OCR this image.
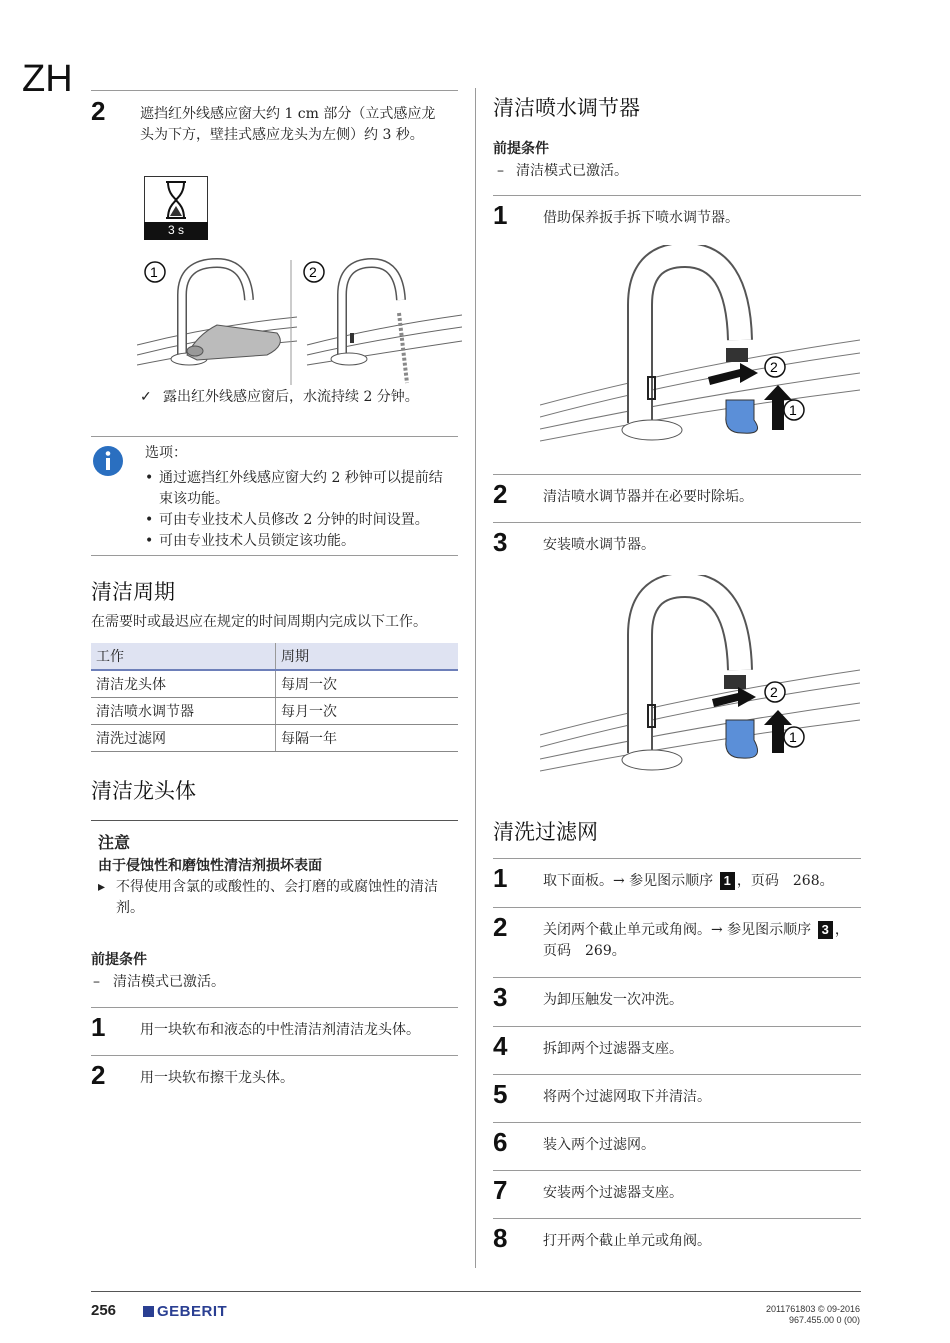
ZH
2 遮挡红外线感应窗大约 1 cm 部分（立式感应龙头为下方，壁挂式感应龙头为左侧）约 3 秒。
3 s
1	2
✓ 露出红外线感应窗后，水流持续 2 分钟。
选项：
• 通过遮挡红外线感应窗大约 2 秒钟可以提前结束该功能。
• 可由专业技术人员修改 2 分钟的时间设置。
• 可由专业技术人员锁定该功能。
清洁周期
在需要时或最迟应在规定的时间周期内完成以下工作。
工作	周期
清洁龙头体	每周一次
清洁喷水调节器	每月一次
清洗过滤网	每隔一年
清洁龙头体
注意
由于侵蚀性和磨蚀性清洁剂损坏表面
▸ 不得使用含氯的或酸性的、会打磨的或腐蚀性的清洁剂。
前提条件
– 清洁模式已激活。
1 用一块软布和液态的中性清洁剂清洁龙头体。
2 用一块软布擦干龙头体。
清洁喷水调节器
前提条件
– 清洁模式已激活。
1	借助保养扳手拆下喷水调节器。
2
1
2	清洁喷水调节器并在必要时除垢。
3	安装喷水调节器。
2
1
清洗过滤网
1	取下面板。→ 参见图示顺序 1 ，页码　268。
2	关闭两个截止单元或角阀。→ 参见图示顺序 3 ，页码　269。
3	为卸压触发一次冲洗。
4	拆卸两个过滤器支座。
5	将两个过滤网取下并清洁。
6	装入两个过滤网。
7	安装两个过滤器支座。
8	打开两个截止单元或角阀。
256	GEBERIT	2011761803 © 09-2016
967.455.00 0 (00)
